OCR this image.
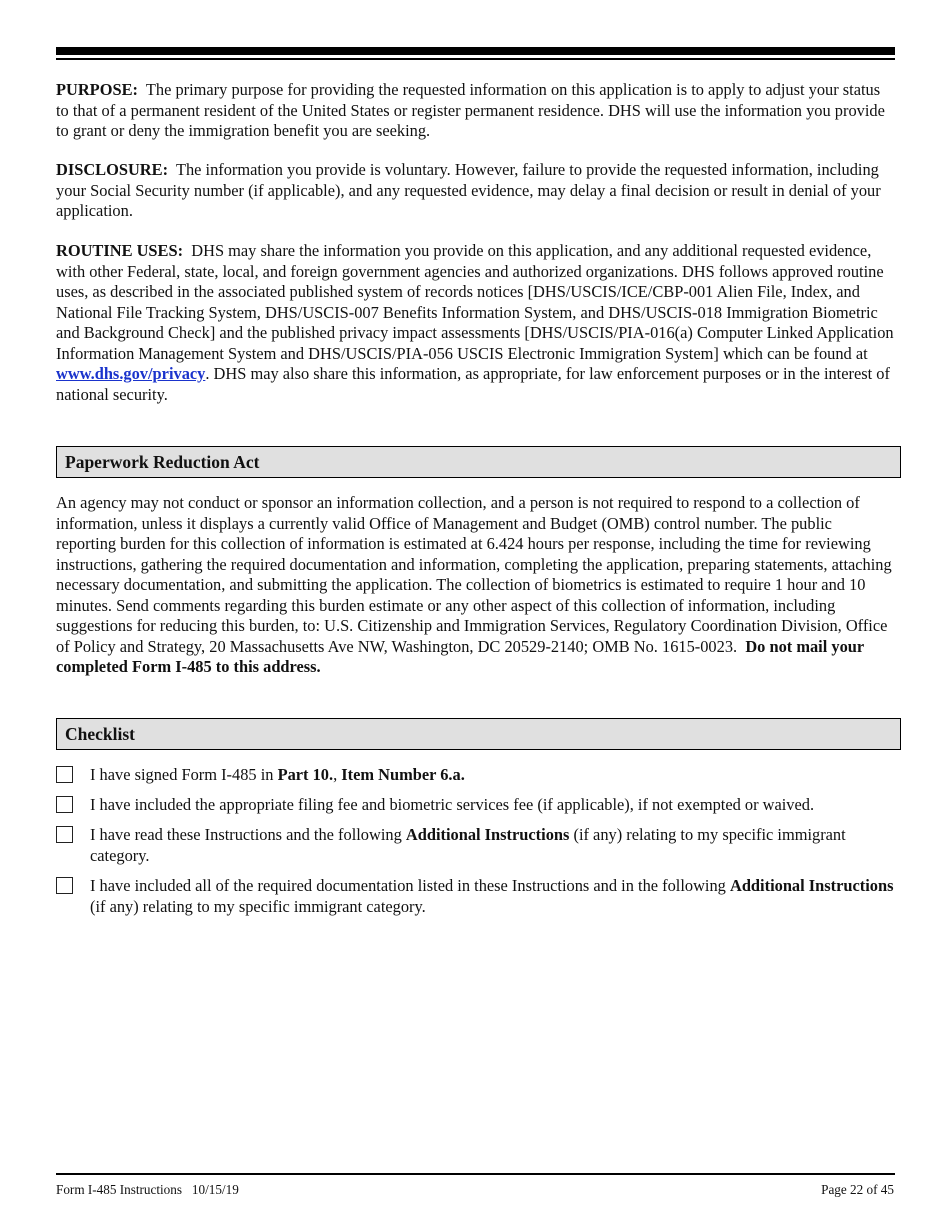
PURPOSE: The primary purpose for providing the requested information on this application is to apply to adjust your status to that of a permanent resident of the United States or register permanent residence. DHS will use the information you provide to grant or deny the immigration benefit you are seeking.

DISCLOSURE: The information you provide is voluntary. However, failure to provide the requested information, including your Social Security number (if applicable), and any requested evidence, may delay a final decision or result in denial of your application.

ROUTINE USES: DHS may share the information you provide on this application, and any additional requested evidence, with other Federal, state, local, and foreign government agencies and authorized organizations. DHS follows approved routine uses, as described in the associated published system of records notices [DHS/USCIS/ICE/CBP-001 Alien File, Index, and National File Tracking System, DHS/USCIS-007 Benefits Information System, and DHS/USCIS-018 Immigration Biometric and Background Check] and the published privacy impact assessments [DHS/USCIS/PIA-016(a) Computer Linked Application Information Management System and DHS/USCIS/PIA-056 USCIS Electronic Immigration System] which can be found at www.dhs.gov/privacy. DHS may also share this information, as appropriate, for law enforcement purposes or in the interest of national security.

Paperwork Reduction Act

An agency may not conduct or sponsor an information collection, and a person is not required to respond to a collection of information, unless it displays a currently valid Office of Management and Budget (OMB) control number. The public reporting burden for this collection of information is estimated at 6.424 hours per response, including the time for reviewing instructions, gathering the required documentation and information, completing the application, preparing statements, attaching necessary documentation, and submitting the application. The collection of biometrics is estimated to require 1 hour and 10 minutes. Send comments regarding this burden estimate or any other aspect of this collection of information, including suggestions for reducing this burden, to: U.S. Citizenship and Immigration Services, Regulatory Coordination Division, Office of Policy and Strategy, 20 Massachusetts Ave NW, Washington, DC 20529-2140; OMB No. 1615-0023. Do not mail your completed Form I-485 to this address.

Checklist
I have signed Form I-485 in Part 10., Item Number 6.a.
I have included the appropriate filing fee and biometric services fee (if applicable), if not exempted or waived.
I have read these Instructions and the following Additional Instructions (if any) relating to my specific immigrant category.
I have included all of the required documentation listed in these Instructions and in the following Additional Instructions (if any) relating to my specific immigrant category.
Form I-485 Instructions   10/15/19	Page 22 of 45
